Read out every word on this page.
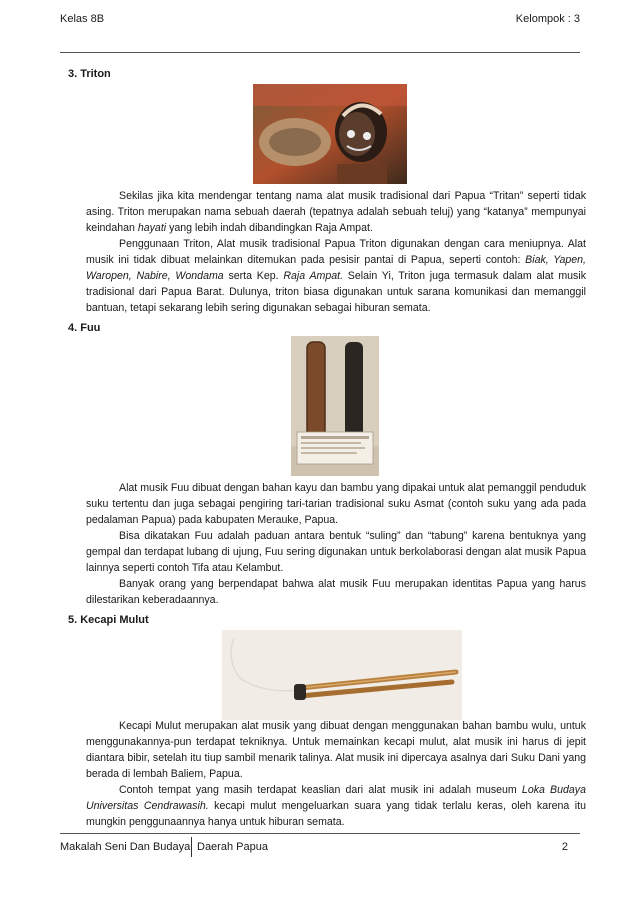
Kelas 8B	Kelompok : 3
3. Triton

Sekilas jika kita mendengar tentang nama alat musik tradisional dari Papua “Tritan” seperti tidak asing. Triton merupakan nama sebuah daerah (tepatnya adalah sebuah teluj) yang “katanya” mempunyai keindahan hayati yang lebih indah dibandingkan Raja Ampat.

Penggunaan Triton, Alat musik tradisional Papua Triton digunakan dengan cara meniupnya. Alat musik ini tidak dibuat melainkan ditemukan pada pesisir pantai di Papua, seperti contoh: Biak, Yapen, Waropen, Nabire, Wondama serta Kep. Raja Ampat. Selain Yi, Triton juga termasuk dalam alat musik tradisional dari Papua Barat. Dulunya, triton biasa digunakan untuk sarana komunikasi dan memanggil bantuan, tetapi sekarang lebih sering digunakan sebagai hiburan semata.

4. Fuu

Alat musik Fuu dibuat dengan bahan kayu dan bambu yang dipakai untuk alat pemanggil penduduk suku tertentu dan juga sebagai pengiring tari-tarian tradisional suku Asmat (contoh suku yang ada pada pedalaman Papua) pada kabupaten Merauke, Papua.

Bisa dikatakan Fuu adalah paduan antara bentuk “suling” dan “tabung” karena bentuknya yang gempal dan terdapat lubang di ujung, Fuu sering digunakan untuk berkolaborasi dengan alat musik Papua lainnya seperti contoh Tifa atau Kelambut.

Banyak orang yang berpendapat bahwa alat musik Fuu merupakan identitas Papua yang harus dilestarikan keberadaannya.

5. Kecapi Mulut

Kecapi Mulut merupakan alat musik yang dibuat dengan menggunakan bahan bambu wulu, untuk menggunakannya-pun terdapat tekniknya. Untuk memainkan kecapi mulut, alat musik ini harus di jepit diantara bibir, setelah itu tiup sambil menarik talinya. Alat musik ini dipercaya asalnya dari Suku Dani yang berada di lembah Baliem, Papua.

Contoh tempat yang masih terdapat keaslian dari alat musik ini adalah museum Loka Budaya Universitas Cendrawasih. kecapi mulut mengeluarkan suara yang tidak terlalu keras, oleh karena itu mungkin penggunaannya hanya untuk hiburan semata.

Makalah Seni Dan Budaya Daerah Papua	2
